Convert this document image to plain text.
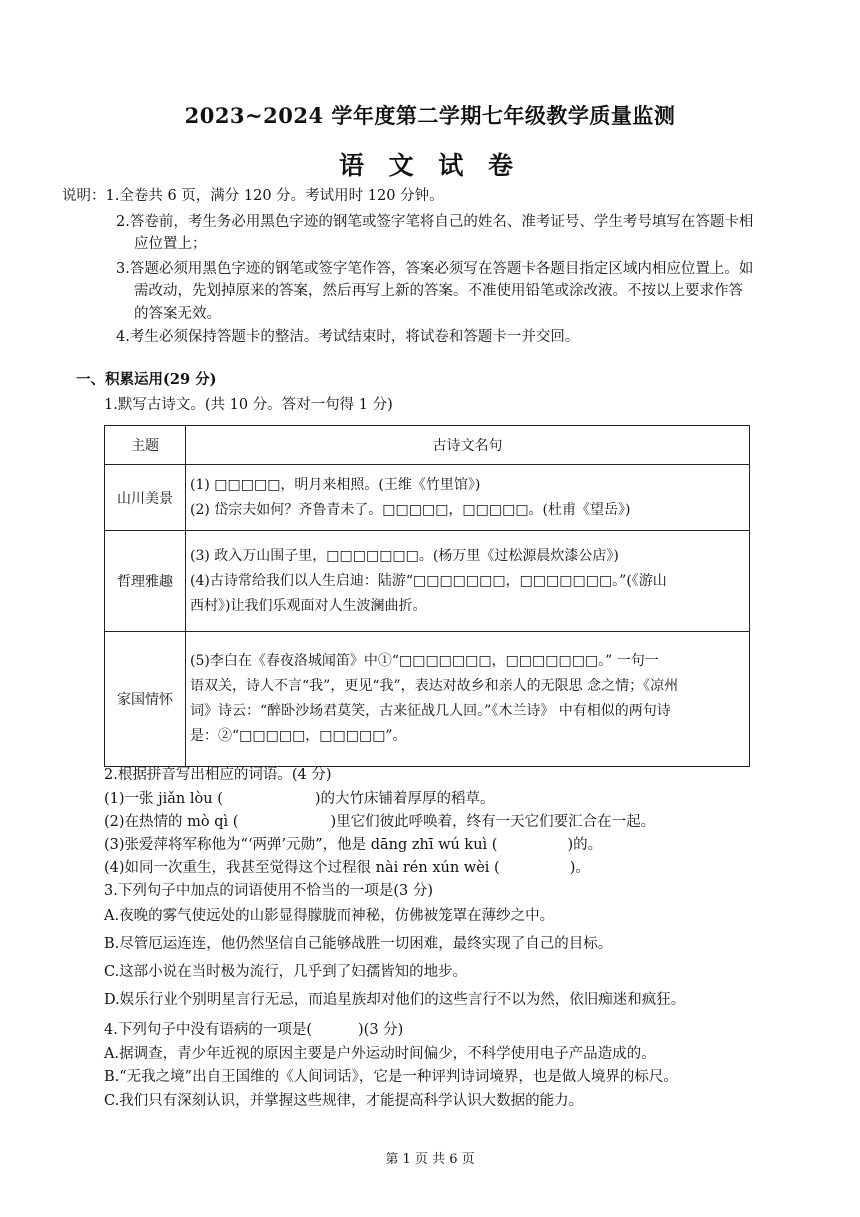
2023~2024 学年度第二学期七年级教学质量监测
语 文 试 卷
说明：1.全卷共 6 页，满分 120 分。考试用时 120 分钟。
2.答卷前，考生务必用黑色字迹的钢笔或签字笔将自己的姓名、准考证号、学生考号填写在答题卡相
应位置上；
3.答题必须用黑色字迹的钢笔或签字笔作答，答案必须写在答题卡各题目指定区域内相应位置上。如
需改动，先划掉原来的答案，然后再写上新的答案。不准使用铅笔或涂改液。不按以上要求作答
的答案无效。
4.考生必须保持答题卡的整洁。考试结束时，将试卷和答题卡一并交回。
一、积累运用(29 分)
1.默写古诗文。(共 10 分。答对一句得 1 分)
主题	古诗文名句
山川美景	(1) □□□□□，明月来相照。(王维《竹里馆》)
(2) 岱宗夫如何？齐鲁青未了。□□□□□，□□□□□。(杜甫《望岳》)

哲理雅趣	(3) 政入万山围子里，□□□□□□□。(杨万里《过松源晨炊漆公店》)
(4)古诗常给我们以人生启迪：陆游“□□□□□□□，□□□□□□□。”(《游山
西村》)让我们乐观面对人生波澜曲折。

家国情怀	(5)李白在《春夜洛城闻笛》中①“□□□□□□□，□□□□□□□。” 一句一
语双关，诗人不言“我”，更见“我”，表达对故乡和亲人的无限思 念之情；《凉州
词》诗云：“醉卧沙场君莫笑，古来征战几人回。”《木兰诗》 中有相似的两句诗
是：②“□□□□□，□□□□□”。
2.根据拼音写出相应的词语。(4 分)
(1)一张 jiǎn lòu (	)的大竹床铺着厚厚的稻草。
(2)在热情的 mò qì (	)里它们彼此呼唤着，终有一天它们要汇合在一起。
(3)张爱萍将军称他为“‘两弹’元勋”，他是 dāng zhī wú kuì (	)的。
(4)如同一次重生，我甚至觉得这个过程很 nài rén xún wèi (	)。
3.下列句子中加点的词语使用不恰当的一项是(3 分)
A.夜晚的雾气使远处的山影显得朦胧而神秘，仿佛被笼罩在薄纱之中。
B.尽管厄运连连，他仍然坚信自己能够战胜一切困难，最终实现了自己的目标。
C.这部小说在当时极为流行，几乎到了妇孺皆知的地步。
D.娱乐行业个别明星言行无忌，而追星族却对他们的这些言行不以为然，依旧痴迷和疯狂。
4.下列句子中没有语病的一项是(	)(3 分)
A.据调查，青少年近视的原因主要是户外运动时间偏少，不科学使用电子产品造成的。
B.“无我之境”出自王国维的《人间词话》，它是一种评判诗词境界，也是做人境界的标尺。
C.我们只有深刻认识，并掌握这些规律，才能提高科学认识大数据的能力。
第 1 页 共 6 页
